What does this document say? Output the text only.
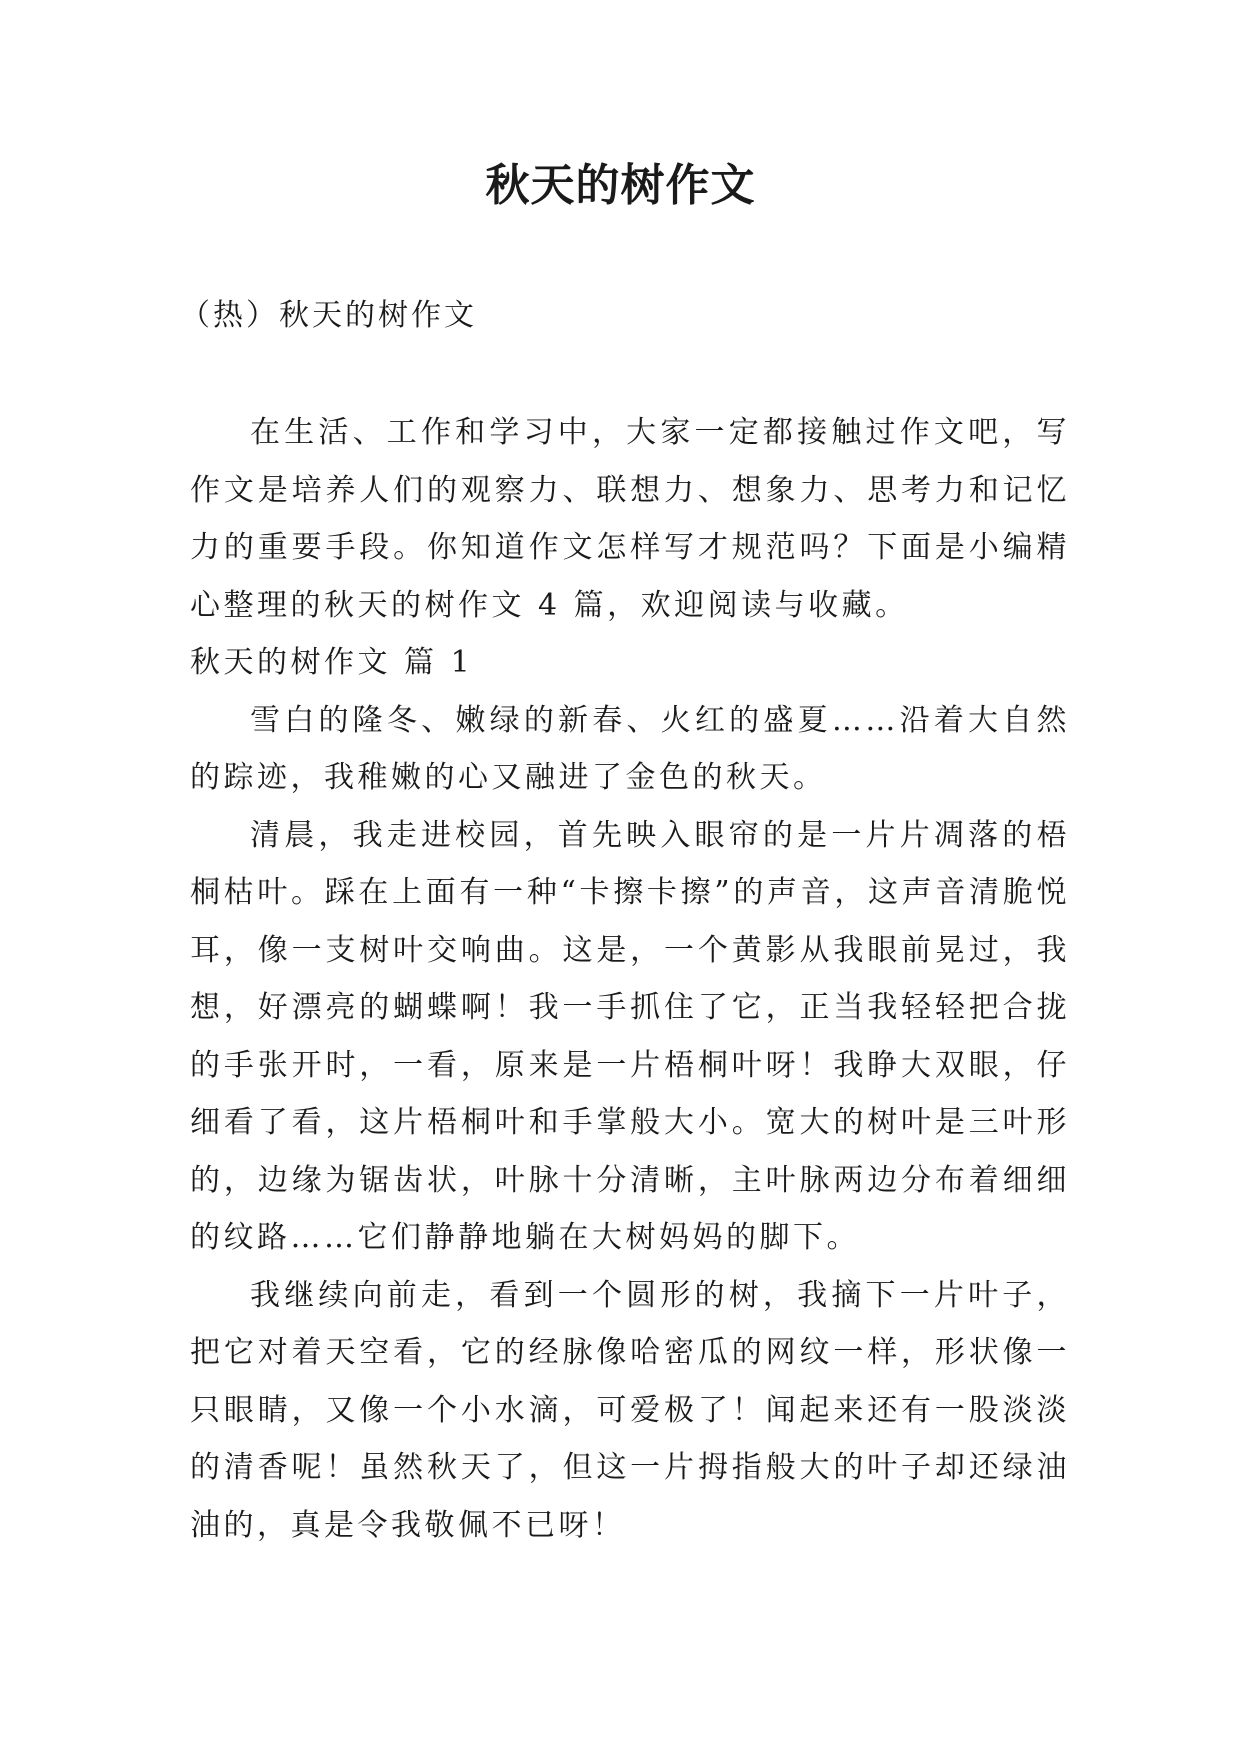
秋天的树作文
（热）秋天的树作文

在生活、工作和学习中，大家一定都接触过作文吧，写作文是培养人们的观察力、联想力、想象力、思考力和记忆力的重要手段。你知道作文怎样写才规范吗？下面是小编精心整理的秋天的树作文 4 篇，欢迎阅读与收藏。

秋天的树作文 篇 1

雪白的隆冬、嫩绿的新春、火红的盛夏……沿着大自然的踪迹，我稚嫩的心又融进了金色的秋天。

清晨，我走进校园，首先映入眼帘的是一片片凋落的梧桐枯叶。踩在上面有一种“卡擦卡擦”的声音，这声音清脆悦耳，像一支树叶交响曲。这是，一个黄影从我眼前晃过，我想，好漂亮的蝴蝶啊！我一手抓住了它，正当我轻轻把合拢的手张开时，一看，原来是一片梧桐叶呀！我睁大双眼，仔细看了看，这片梧桐叶和手掌般大小。宽大的树叶是三叶形的，边缘为锯齿状，叶脉十分清晰，主叶脉两边分布着细细的纹路……它们静静地躺在大树妈妈的脚下。

我继续向前走，看到一个圆形的树，我摘下一片叶子，把它对着天空看，它的经脉像哈密瓜的网纹一样，形状像一只眼睛，又像一个小水滴，可爱极了！闻起来还有一股淡淡的清香呢！虽然秋天了，但这一片拇指般大的叶子却还绿油油的，真是令我敬佩不已呀！
